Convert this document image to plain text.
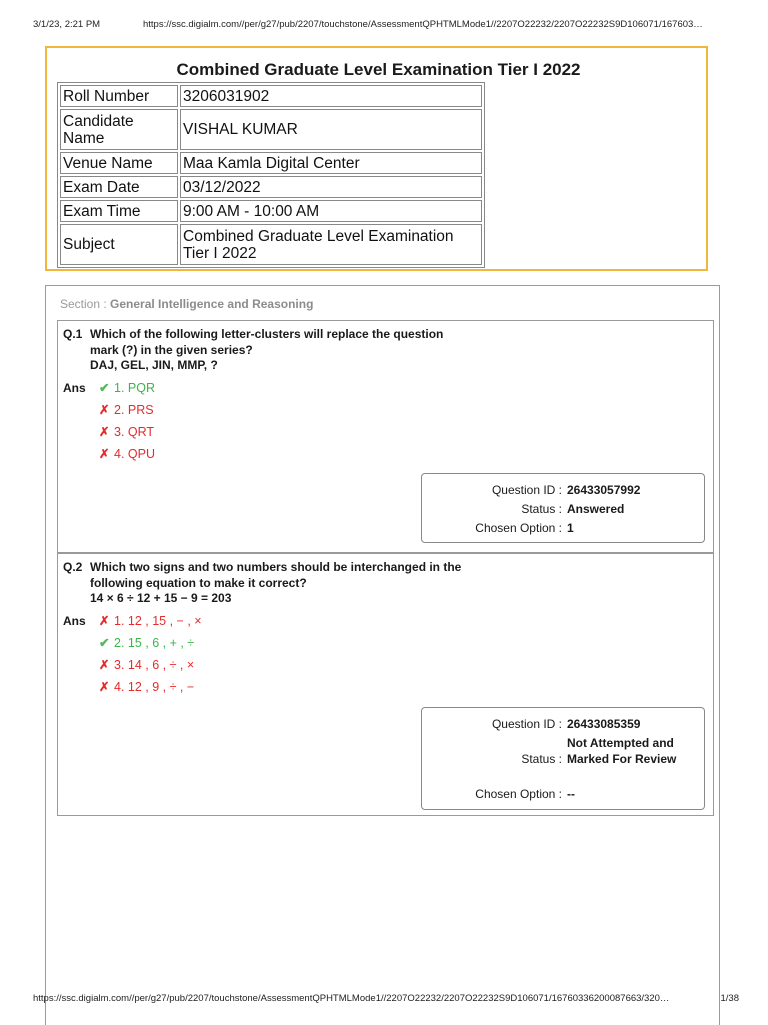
3/1/23, 2:21 PM	https://ssc.digialm.com//per/g27/pub/2207/touchstone/AssessmentQPHTMLMode1//2207O22232/2207O22232S9D106071/167603…
Combined Graduate Level Examination Tier I 2022
Roll Number	3206031902
Candidate Name	VISHAL KUMAR
Venue Name	Maa Kamla Digital Center
Exam Date	03/12/2022
Exam Time	9:00 AM - 10:00 AM
Subject	Combined Graduate Level Examination Tier I 2022
Section : General Intelligence and Reasoning
Q.1 Which of the following letter-clusters will replace the question
mark (?) in the given series?
DAJ, GEL, JIN, MMP, ?
Ans ✔ 1. PQR
✗ 2. PRS
✗ 3. QRT
✗ 4. QPU
Question ID : 26433057992
Status : Answered
Chosen Option : 1
Q.2 Which two signs and two numbers should be interchanged in the
following equation to make it correct?
14 × 6 ÷ 12 + 15 − 9 = 203
Ans ✗ 1. 12 , 15 , − , ×
✔ 2. 15 , 6 , + , ÷
✗ 3. 14 , 6 , ÷ , ×
✗ 4. 12 , 9 , ÷ , −
Question ID : 26433085359
Status :
Not Attempted and Marked For Review
Chosen Option : --
https://ssc.digialm.com//per/g27/pub/2207/touchstone/AssessmentQPHTMLMode1//2207O22232/2207O22232S9D106071/16760336200087663/320…	1/38
